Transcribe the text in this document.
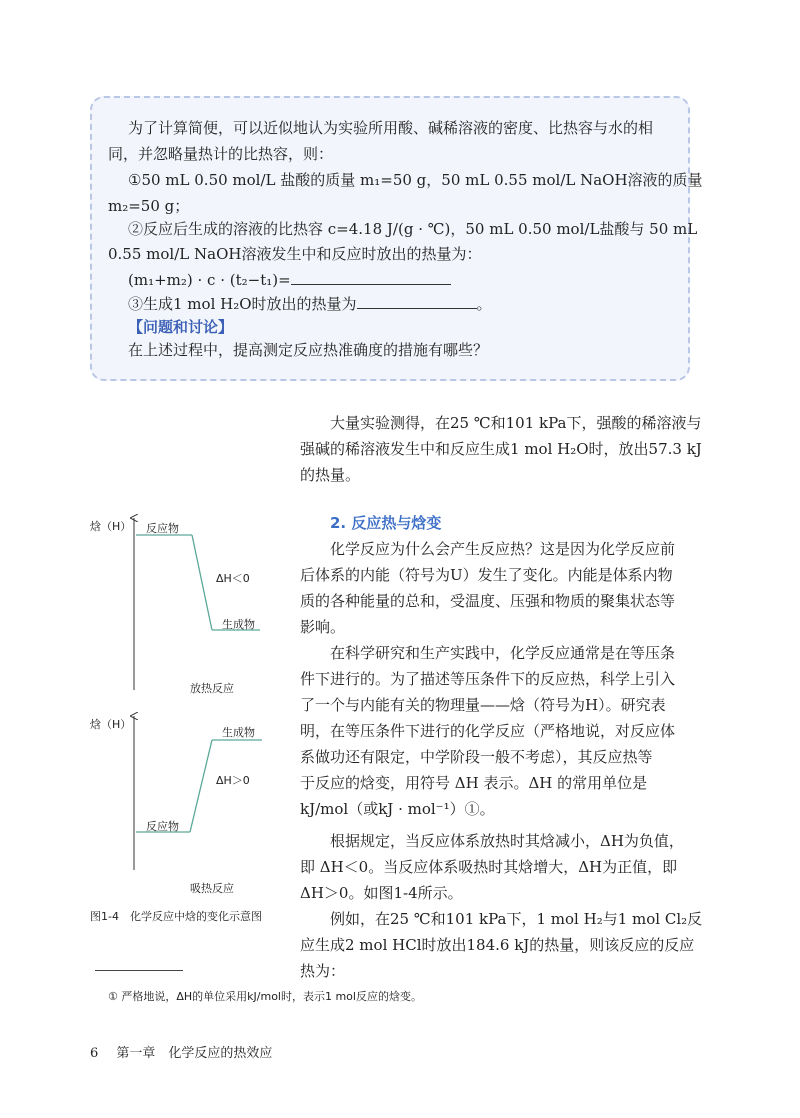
为了计算简便，可以近似地认为实验所用酸、碱稀溶液的密度、比热容与水的相
同，并忽略量热计的比热容，则：
①50 mL 0.50 mol/L 盐酸的质量 m₁=50 g，50 mL 0.55 mol/L NaOH溶液的质量
m₂=50 g；
②反应后生成的溶液的比热容 c=4.18 J/(g · ℃)，50 mL 0.50 mol/L盐酸与 50 mL
0.55 mol/L NaOH溶液发生中和反应时放出的热量为：
(m₁+m₂) · c · (t₂−t₁)=
③生成1 mol H₂O时放出的热量为	。
【问题和讨论】
在上述过程中，提高测定反应热准确度的措施有哪些？
大量实验测得，在25 ℃和101 kPa下，强酸的稀溶液与
强碱的稀溶液发生中和反应生成1 mol H₂O时，放出57.3 kJ
的热量。
2. 反应热与焓变
化学反应为什么会产生反应热？这是因为化学反应前
后体系的内能（符号为U）发生了变化。内能是体系内物
质的各种能量的总和，受温度、压强和物质的聚集状态等
影响。
在科学研究和生产实践中，化学反应通常是在等压条
件下进行的。为了描述等压条件下的反应热，科学上引入
了一个与内能有关的物理量——焓（符号为H）。研究表
明，在等压条件下进行的化学反应（严格地说，对反应体
系做功还有限定，中学阶段一般不考虑），其反应热等
于反应的焓变，用符号 ΔH 表示。ΔH 的常用单位是
kJ/mol（或kJ · mol⁻¹）①。
根据规定，当反应体系放热时其焓减小，ΔH为负值，
即 ΔH＜0。当反应体系吸热时其焓增大，ΔH为正值，即
ΔH＞0。如图1-4所示。
例如，在25 ℃和101 kPa下，1 mol H₂与1 mol Cl₂反
应生成2 mol HCl时放出184.6 kJ的热量，则该反应的反应
热为：
焓（H） 反应物
ΔH＜0
生成物
放热反应
焓（H）
生成物
ΔH＞0
反应物
吸热反应
图1-4　化学反应中焓的变化示意图
① 严格地说，ΔH的单位采用kJ/mol时，表示1 mol反应的焓变。
6 第一章　化学反应的热效应
